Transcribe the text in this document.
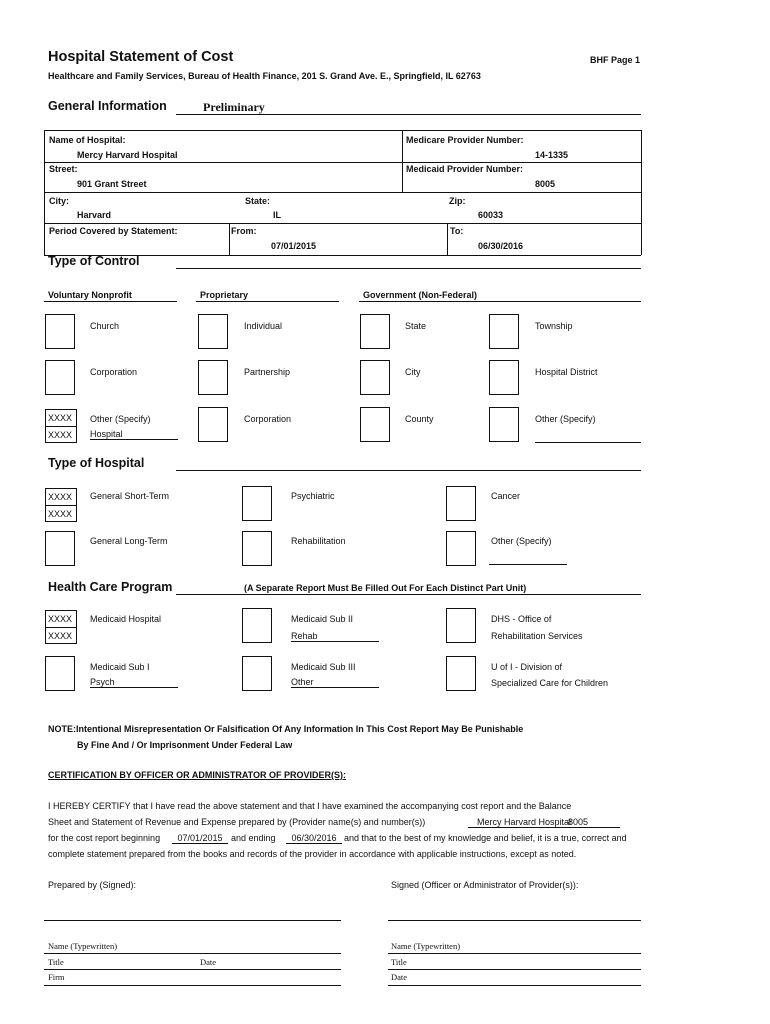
Hospital Statement of Cost	BHF Page 1
Healthcare and Family Services, Bureau of Health Finance, 201 S. Grand Ave. E., Springfield, IL 62763
General Information	Preliminary
Name of Hospital:
Mercy Harvard Hospital
Medicare Provider Number:
14-1335
Street:
901 Grant Street
Medicaid Provider Number:
8005
City:
Harvard
State:
IL
Zip:
60033
Period Covered by Statement:	From:
07/01/2015
To:
06/30/2016
Type of Control
Voluntary Nonprofit	Proprietary	Government (Non-Federal)
Church
Corporation
XXXX
XXXX
Other (Specify)
Hospital
Individual
Partnership
Corporation
State
City
County
Township
Hospital District
Other (Specify)
Type of Hospital
XXXX
XXXX
General Short-Term
General Long-Term
Psychiatric
Rehabilitation
Cancer
Other (Specify)
Health Care Program	(A Separate Report Must Be Filled Out For Each Distinct Part Unit)
XXXX
XXXX
Medicaid Hospital
Medicaid Sub I
Psych
Medicaid Sub II
Rehab
Medicaid Sub III
Other
DHS - Office of
Rehabilitation Services
U of I - Division of
Specialized Care for Children
NOTE:Intentional Misrepresentation Or Falsification Of Any Information In This Cost Report May Be Punishable
By Fine And / Or Imprisonment Under Federal Law
CERTIFICATION BY OFFICER OR ADMINISTRATOR OF PROVIDER(S):
I HEREBY CERTIFY that I have read the above statement and that I have examined the accompanying cost report and the Balance
Sheet and Statement of Revenue and Expense prepared by (Provider name(s) and number(s))	Mercy Harvard Hospital
8005

for the cost report beginning	07/01/2015 and ending	06/30/2016 and that to the best of my knowledge and belief, it is a true, correct and
complete statement prepared from the books and records of the provider in accordance with applicable instructions, except as noted.
Prepared by (Signed):	Signed (Officer or Administrator of Provider(s)):
Name (Typewritten)
Title	Date
Firm
Name (Typewritten)
Title
Date
